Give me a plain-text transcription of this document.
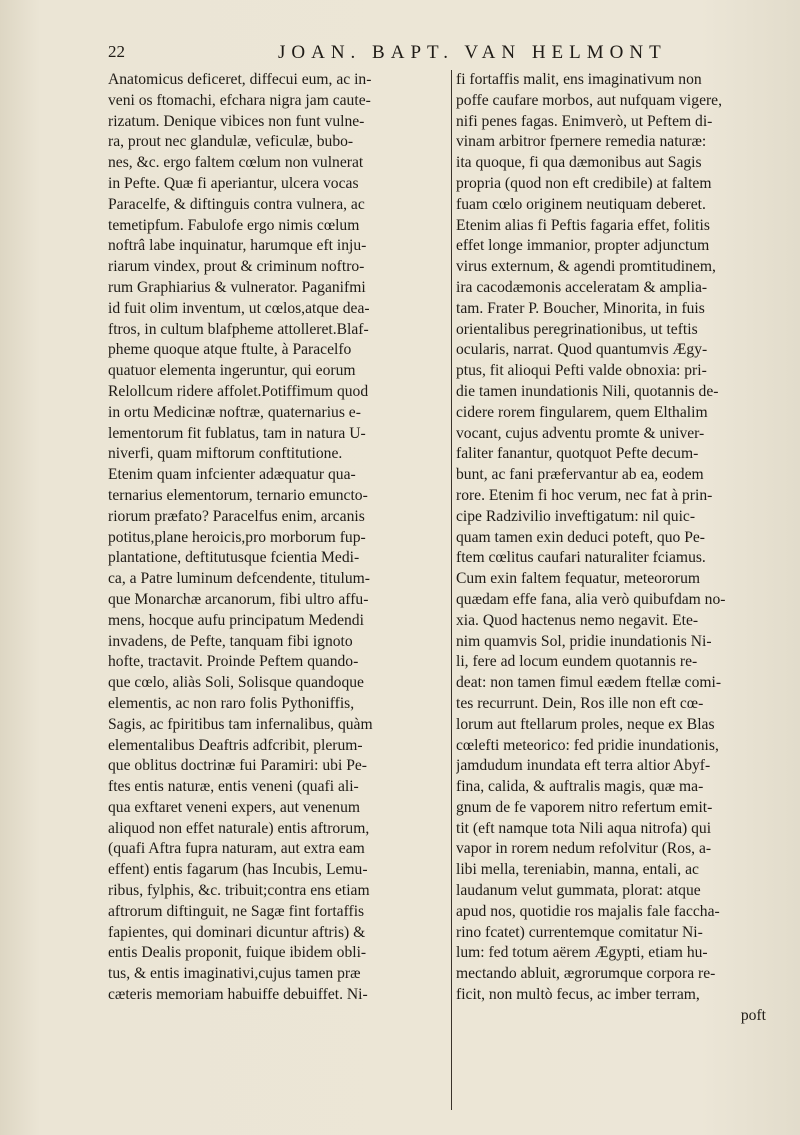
22	JOAN. BAPT. VAN HELMONT
Anatomicus deficeret, diffecui eum, ac in-
veni os ftomachi, efchara nigra jam caute-
rizatum. Denique vibices non funt vulne-
ra, prout nec glandulæ, veficulæ, bubo-
nes, &c. ergo faltem cœlum non vulnerat
in Pefte. Quæ fi aperiantur, ulcera vocas
Paracelfe, & diftinguis contra vulnera, ac
temetipfum. Fabulofe ergo nimis cœlum
noftrâ labe inquinatur, harumque eft inju-
riarum vindex, prout & criminum noftro-
rum Graphiarius & vulnerator. Paganifmi
id fuit olim inventum, ut cœlos,atque dea-
ftros, in cultum blafpheme attolleret.Blaf-
pheme quoque atque ftulte, à Paracelfo
quatuor elementa ingeruntur, qui eorum
Relollcum ridere affolet.Potiffimum quod
in ortu Medicinæ noftræ, quaternarius e-
lementorum fit fublatus, tam in natura U-
niverfi, quam miftorum conftitutione.
Etenim quam infcienter adæquatur qua-
ternarius elementorum, ternario emuncto-
riorum præfato? Paracelfus enim, arcanis
potitus,plane heroicis,pro morborum fup-
plantatione, deftitutusque fcientia Medi-
ca, a Patre luminum defcendente, titulum-
que Monarchæ arcanorum, fibi ultro affu-
mens, hocque aufu principatum Medendi
invadens, de Pefte, tanquam fibi ignoto
hofte, tractavit. Proinde Peftem quando-
que cœlo, aliàs Soli, Solisque quandoque
elementis, ac non raro folis Pythoniffis,
Sagis, ac fpiritibus tam infernalibus, quàm
elementalibus Deaftris adfcribit, plerum-
que oblitus doctrinæ fui Paramiri: ubi Pe-
ftes entis naturæ, entis veneni (quafi ali-
qua exftaret veneni expers, aut venenum
aliquod non effet naturale) entis aftrorum,
(quafi Aftra fupra naturam, aut extra eam
effent) entis fagarum (has Incubis, Lemu-
ribus, fylphis, &c. tribuit;contra ens etiam
aftrorum diftinguit, ne Sagæ fint fortaffis
fapientes, qui dominari dicuntur aftris) &
entis Dealis proponit, fuique ibidem obli-
tus, & entis imaginativi,cujus tamen præ
cæteris memoriam habuiffe debuiffet. Ni-
fi fortaffis malit, ens imaginativum non
poffe caufare morbos, aut nufquam vigere,
nifi penes fagas. Enimverò, ut Peftem di-
vinam arbitror fpernere remedia naturæ:
ita quoque, fi qua dæmonibus aut Sagis
propria (quod non eft credibile) at faltem
fuam cœlo originem neutiquam deberet.
Etenim alias fi Peftis fagaria effet, folitis
effet longe immanior, propter adjunctum
virus externum, & agendi promtitudinem,
ira cacodæmonis acceleratam & amplia-
tam. Frater P. Boucher, Minorita, in fuis
orientalibus peregrinationibus, ut teftis
ocularis, narrat. Quod quantumvis Ægy-
ptus, fit alioqui Pefti valde obnoxia: pri-
die tamen inundationis Nili, quotannis de-
cidere rorem fingularem, quem Elthalim
vocant, cujus adventu promte & univer-
faliter fanantur, quotquot Pefte decum-
bunt, ac fani præfervantur ab ea, eodem
rore. Etenim fi hoc verum, nec fat à prin-
cipe Radzivilio inveftigatum: nil quic-
quam tamen exin deduci poteft, quo Pe-
ftem cœlitus caufari naturaliter fciamus.
Cum exin faltem fequatur, meteororum
quædam effe fana, alia verò quibufdam no-
xia. Quod hactenus nemo negavit. Ete-
nim quamvis Sol, pridie inundationis Ni-
li, fere ad locum eundem quotannis re-
deat: non tamen fimul eædem ftellæ comi-
tes recurrunt. Dein, Ros ille non eft cœ-
lorum aut ftellarum proles, neque ex Blas
cœlefti meteorico: fed pridie inundationis,
jamdudum inundata eft terra altior Abyf-
fina, calida, & auftralis magis, quæ ma-
gnum de fe vaporem nitro refertum emit-
tit (eft namque tota Nili aqua nitrofa) qui
vapor in rorem nedum refolvitur (Ros, a-
libi mella, tereniabin, manna, entali, ac
laudanum velut gummata, plorat: atque
apud nos, quotidie ros majalis fale faccha-
rino fcatet) currentemque comitatur Ni-
lum: fed totum aërem Ægypti, etiam hu-
mectando abluit, ægrorumque corpora re-
ficit, non multò fecus, ac imber terram,
poft
